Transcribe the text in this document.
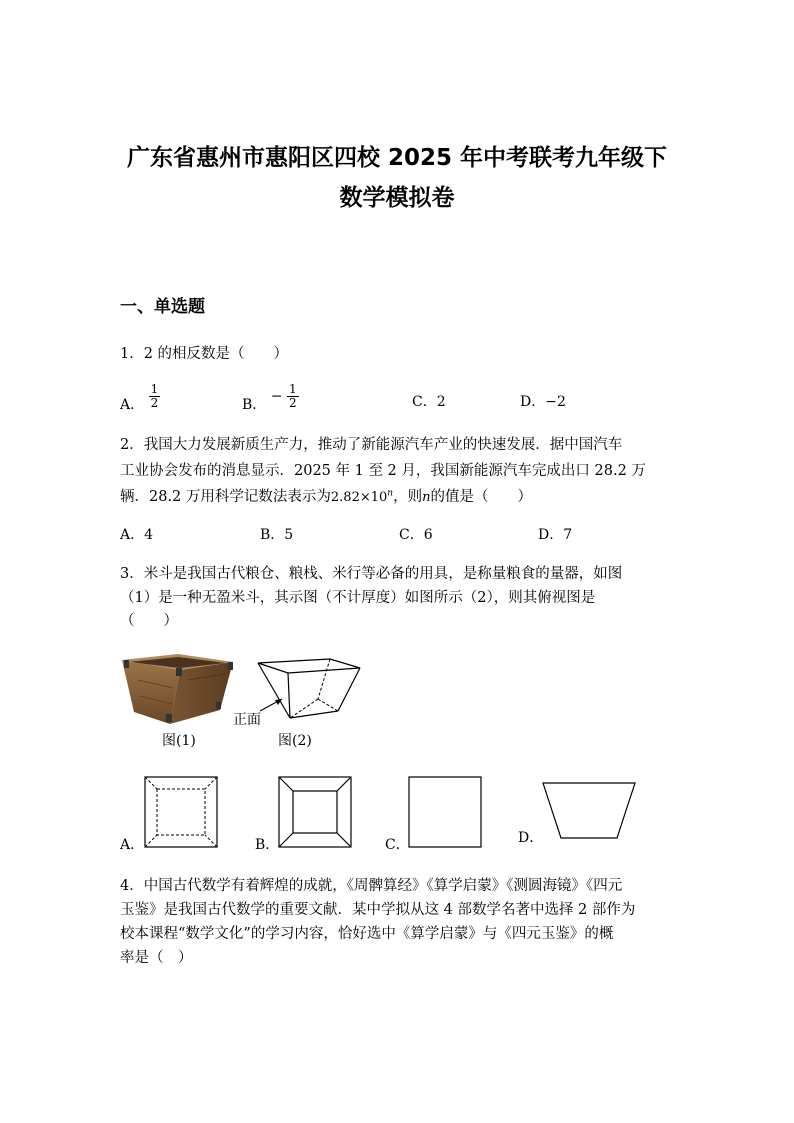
广东省惠州市惠阳区四校 2025 年中考联考九年级下
数学模拟卷
一、单选题
1．2 的相反数是（　　）
A． $\frac{1}{2}$	B． − $\frac{1}{2}$	C．2	D．−2
2．我国大力发展新质生产力，推动了新能源汽车产业的快速发展．据中国汽车
工业协会发布的消息显示．2025 年 1 至 2 月，我国新能源汽车完成出口 28.2 万
辆．28.2 万用科学记数法表示为$2.82\times 10^n$，则n的值是（　　）
A．4	B．5	C．6	D．7
3．米斗是我国古代粮仓、粮栈、米行等必备的用具，是称量粮食的量器，如图
（1）是一种无盈米斗，其示图（不计厚度）如图所示（2），则其俯视图是
（　　）
图(1)
正面
图(2)
A．	B．	C．	D．
4．中国古代数学有着辉煌的成就，《周髀算经》《算学启蒙》《测圆海镜》《四元
玉鉴》是我国古代数学的重要文献．某中学拟从这 4 部数学名著中选择 2 部作为
校本课程“数学文化”的学习内容，恰好选中《算学启蒙》与《四元玉鉴》的概
率是（　）
